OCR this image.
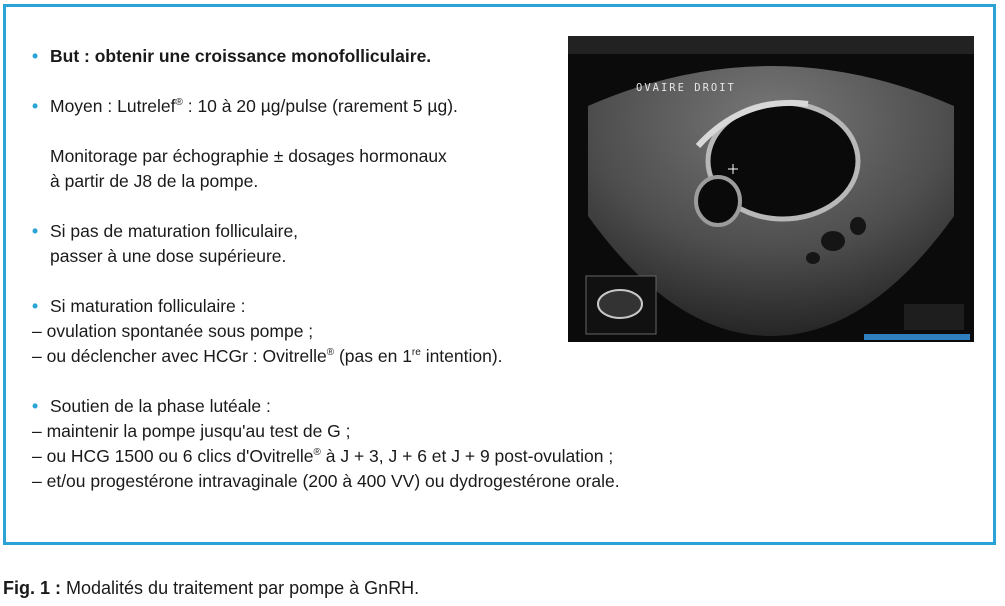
• But : obtenir une croissance monofolliculaire.
• Moyen : Lutrelef® : 10 à 20 µg/pulse (rarement 5 µg).
Monitorage par échographie ± dosages hormonaux
à partir de J8 de la pompe.
• Si pas de maturation folliculaire,
passer à une dose supérieure.
• Si maturation folliculaire :
– ovulation spontanée sous pompe ;
– ou déclencher avec HCGr : Ovitrelle® (pas en 1re intention).
• Soutien de la phase lutéale :
– maintenir la pompe jusqu'au test de G ;
– ou HCG 1500 ou 6 clics d'Ovitrelle® à J + 3, J + 6 et J + 9 post-ovulation ;
– et/ou progestérone intravaginale (200 à 400 VV) ou dydrogestérone orale.
OVAIRE DROIT
Fig. 1 : Modalités du traitement par pompe à GnRH.
